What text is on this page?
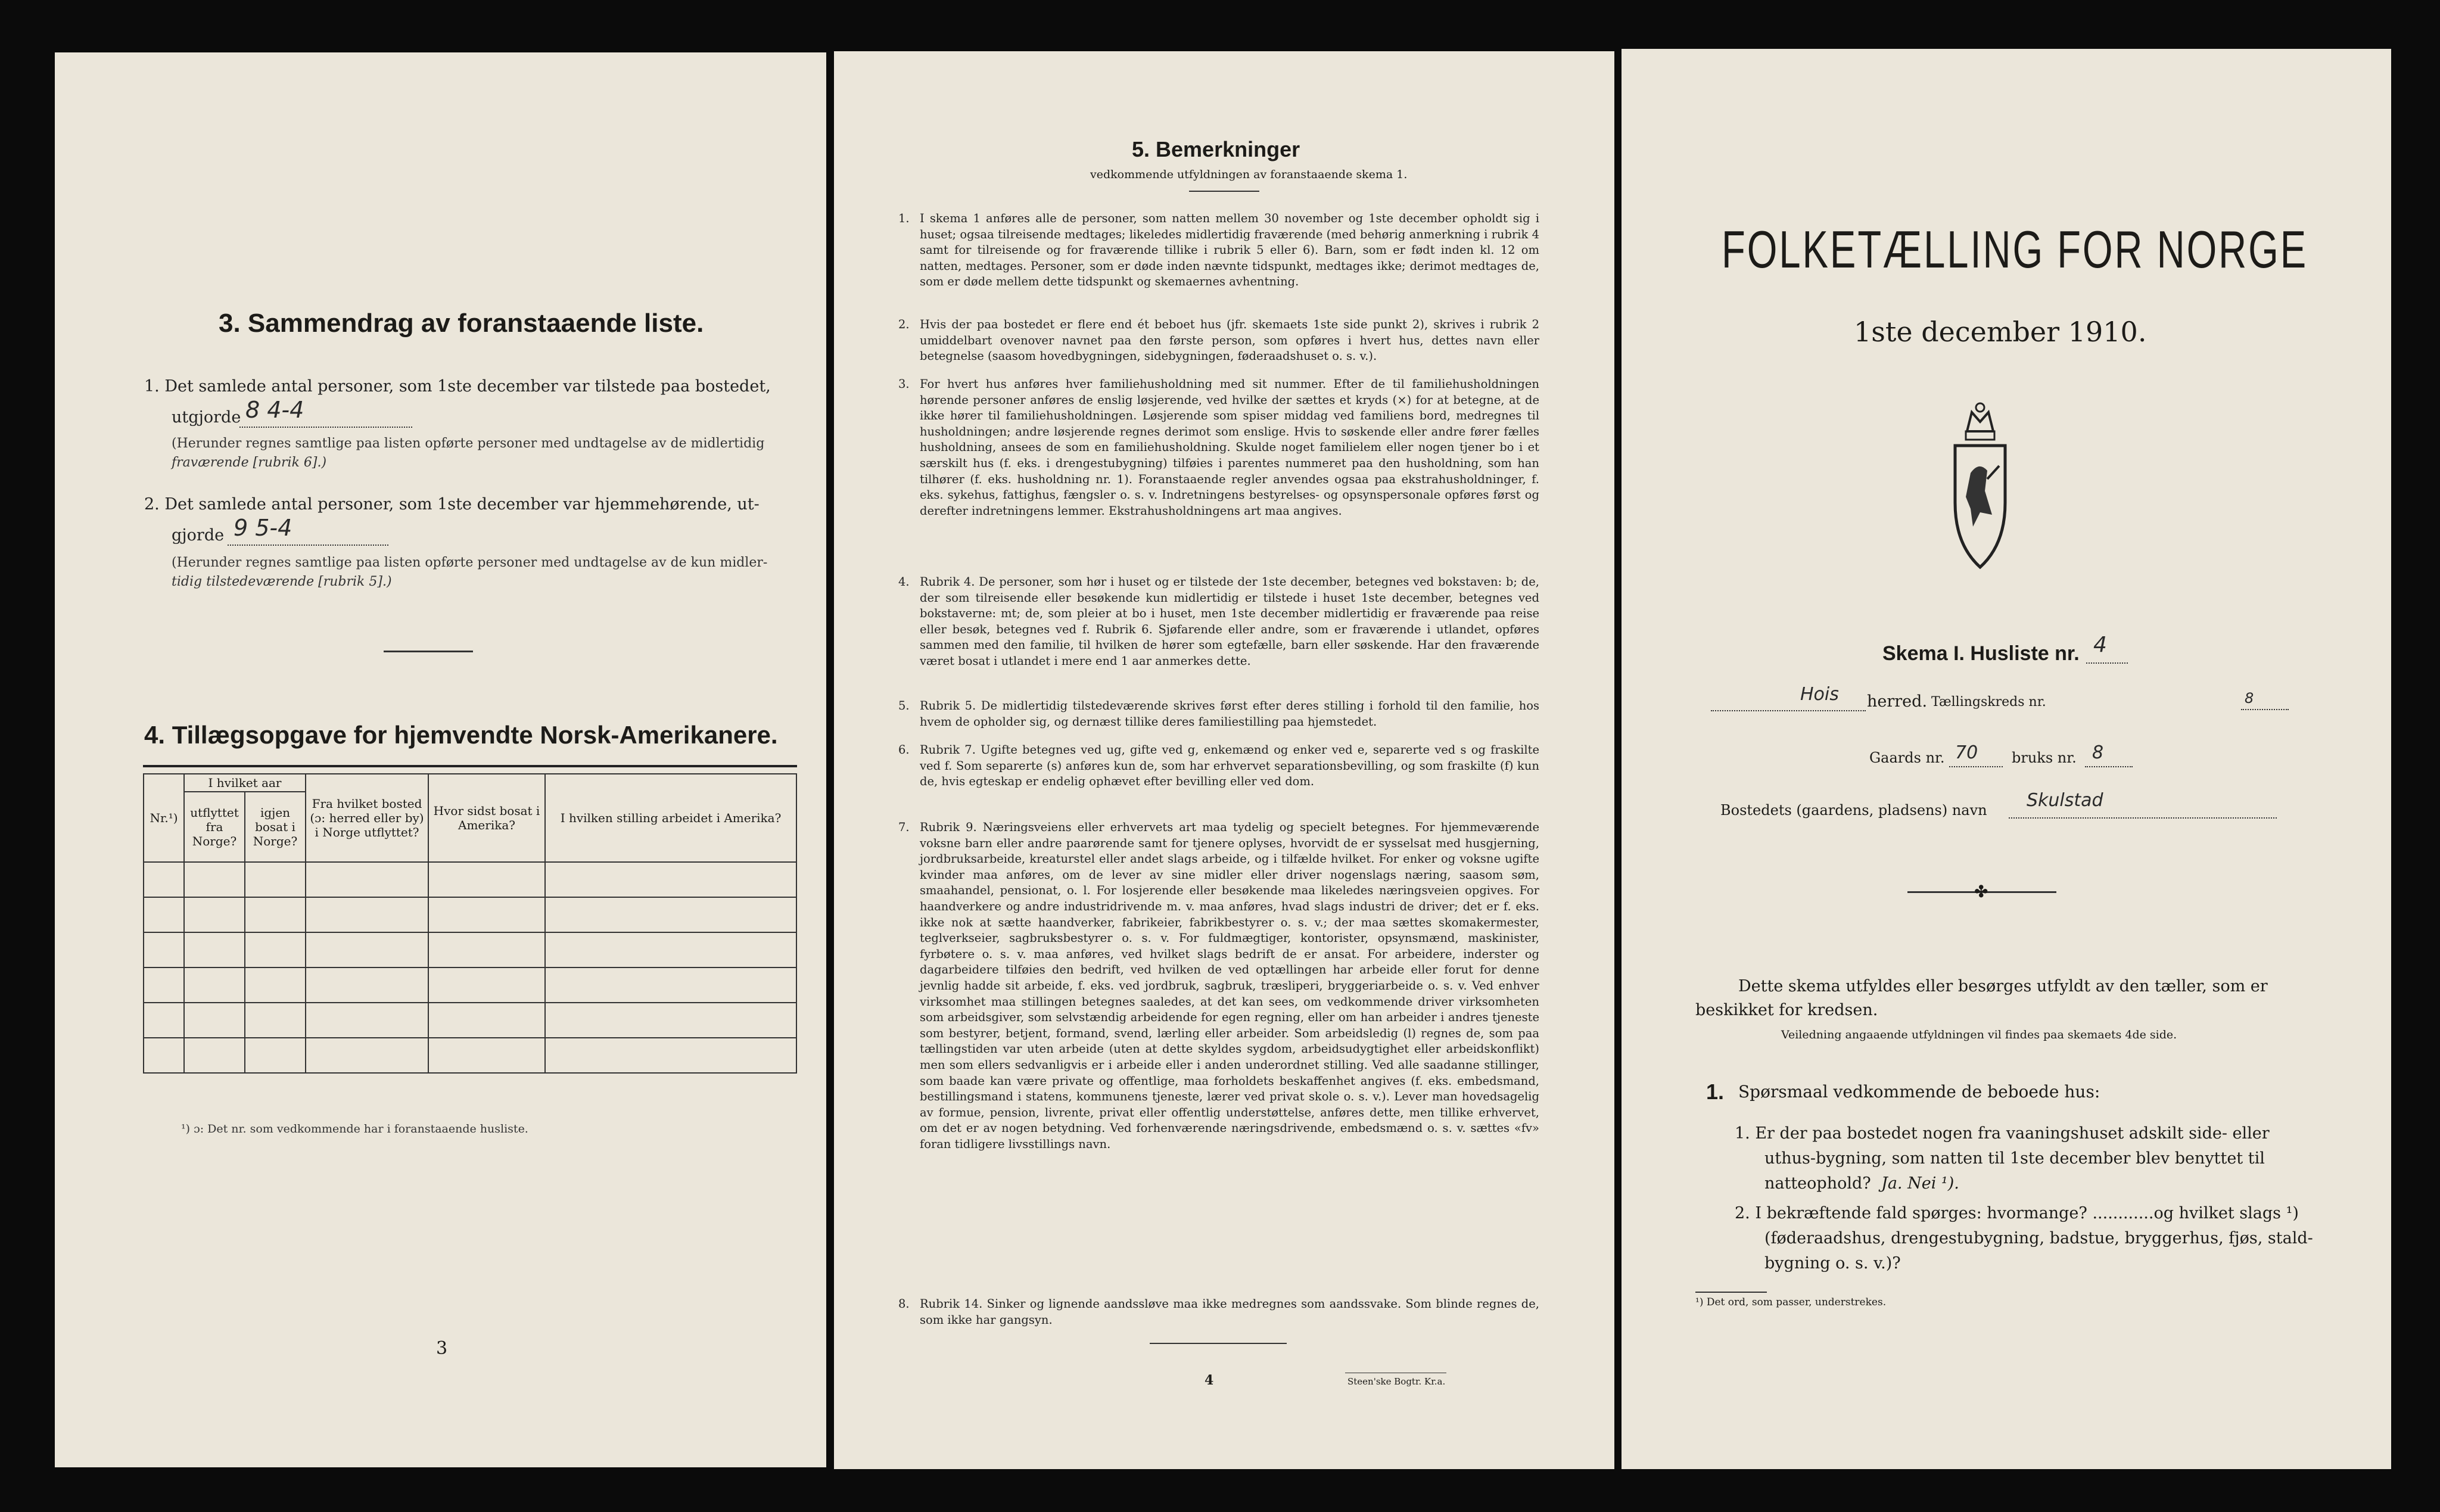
3. Sammendrag av foranstaaende liste.
1. Det samlede antal personer, som 1ste december var tilstede paa bostedet,
utgjorde 8 4-4
(Herunder regnes samtlige paa listen opførte personer med undtagelse av de midlertidig
fraværende [rubrik 6].)
2. Det samlede antal personer, som 1ste december var hjemmehørende, ut-
gjorde 9 5-4
(Herunder regnes samtlige paa listen opførte personer med undtagelse av de kun midler-
tidig tilstedeværende [rubrik 5].)
4. Tillægsopgave for hjemvendte Norsk-Amerikanere.
Nr.¹)	I hvilket aar		Fra hvilket bosted (ɔ: herred eller by) i Norge utflyttet?	Hvor sidst bosat i Amerika?	I hvilken stilling arbeidet i Amerika?
	utflyttet fra Norge?	igjen bosat i Norge?			

¹) ɔ: Det nr. som vedkommende har i foranstaaende husliste.
3
5. Bemerkninger
vedkommende utfyldningen av foranstaaende skema 1.
1. I skema 1 anføres alle de personer, som natten mellem 30 november og 1ste december opholdt sig i huset; ogsaa tilreisende medtages; likeledes midlertidig fraværende (med behørig anmerkning i rubrik 4 samt for tilreisende og for fraværende tillike i rubrik 5 eller 6). Barn, som er født inden kl. 12 om natten, medtages. Personer, som er døde inden nævnte tidspunkt, medtages ikke; derimot medtages de, som er døde mellem dette tidspunkt og skemaernes avhentning.
2. Hvis der paa bostedet er flere end ét beboet hus (jfr. skemaets 1ste side punkt 2), skrives i rubrik 2 umiddelbart ovenover navnet paa den første person, som opføres i hvert hus, dettes navn eller betegnelse (saasom hovedbygningen, sidebygningen, føderaadshuset o. s. v.).
3. For hvert hus anføres hver familiehusholdning med sit nummer. Efter de til familiehusholdningen hørende personer anføres de enslig løsjerende, ved hvilke der sættes et kryds (×) for at betegne, at de ikke hører til familiehusholdningen. Løsjerende som spiser middag ved familiens bord, medregnes til husholdningen; andre løsjerende regnes derimot som enslige. Hvis to søskende eller andre fører fælles husholdning, ansees de som en familiehusholdning. Skulde noget familielem eller nogen tjener bo i et særskilt hus (f. eks. i drengestubygning) tilføies i parentes nummeret paa den husholdning, som han tilhører (f. eks. husholdning nr. 1). Foranstaaende regler anvendes ogsaa paa ekstrahusholdninger, f. eks. sykehus, fattighus, fængsler o. s. v. Indretningens bestyrelses- og opsynspersonale opføres først og derefter indretningens lemmer. Ekstrahusholdningens art maa angives.
4. Rubrik 4. De personer, som hør i huset og er tilstede der 1ste december, betegnes ved bokstaven: b; de, der som tilreisende eller besøkende kun midlertidig er tilstede i huset 1ste december, betegnes ved bokstaverne: mt; de, som pleier at bo i huset, men 1ste december midlertidig er fraværende paa reise eller besøk, betegnes ved f. Rubrik 6. Sjøfarende eller andre, som er fraværende i utlandet, opføres sammen med den familie, til hvilken de hører som egtefælle, barn eller søskende. Har den fraværende været bosat i utlandet i mere end 1 aar anmerkes dette.
5. Rubrik 5. De midlertidig tilstedeværende skrives først efter deres stilling i forhold til den familie, hos hvem de opholder sig, og dernæst tillike deres familiestilling paa hjemstedet.
6. Rubrik 7. Ugifte betegnes ved ug, gifte ved g, enkemænd og enker ved e, separerte ved s og fraskilte ved f. Som separerte (s) anføres kun de, som har erhvervet separationsbevilling, og som fraskilte (f) kun de, hvis egteskap er endelig ophævet efter bevilling eller ved dom.
7. Rubrik 9. Næringsveiens eller erhvervets art maa tydelig og specielt betegnes. For hjemmeværende voksne barn eller andre paarørende samt for tjenere oplyses, hvorvidt de er sysselsat med husgjerning, jordbruksarbeide, kreaturstel eller andet slags arbeide, og i tilfælde hvilket. For enker og voksne ugifte kvinder maa anføres, om de lever av sine midler eller driver nogenslags næring, saasom søm, smaahandel, pensionat, o. l. For losjerende eller besøkende maa likeledes næringsveien opgives. For haandverkere og andre industridrivende m. v. maa anføres, hvad slags industri de driver; det er f. eks. ikke nok at sætte haandverker, fabrikeier, fabrikbestyrer o. s. v.; der maa sættes skomakermester, teglverkseier, sagbruksbestyrer o. s. v. For fuldmægtiger, kontorister, opsynsmænd, maskinister, fyrbøtere o. s. v. maa anføres, ved hvilket slags bedrift de er ansat. For arbeidere, inderster og dagarbeidere tilføies den bedrift, ved hvilken de ved optællingen har arbeide eller forut for denne jevnlig hadde sit arbeide, f. eks. ved jordbruk, sagbruk, træsliperi, bryggeriarbeide o. s. v. Ved enhver virksomhet maa stillingen betegnes saaledes, at det kan sees, om vedkommende driver virksomheten som arbeidsgiver, som selvstændig arbeidende for egen regning, eller om han arbeider i andres tjeneste som bestyrer, betjent, formand, svend, lærling eller arbeider. Som arbeidsledig (l) regnes de, som paa tællingstiden var uten arbeide (uten at dette skyldes sygdom, arbeidsudygtighet eller arbeidskonflikt) men som ellers sedvanligvis er i arbeide eller i anden underordnet stilling. Ved alle saadanne stillinger, som baade kan være private og offentlige, maa forholdets beskaffenhet angives (f. eks. embedsmand, bestillingsmand i statens, kommunens tjeneste, lærer ved privat skole o. s. v.). Lever man hovedsagelig av formue, pension, livrente, privat eller offentlig understøttelse, anføres dette, men tillike erhvervet, om det er av nogen betydning. Ved forhenværende næringsdrivende, embedsmænd o. s. v. sættes «fv» foran tidligere livsstillings navn.
8. Rubrik 14. Sinker og lignende aandssløve maa ikke medregnes som aandssvake. Som blinde regnes de, som ikke har gangsyn.
4	Steen'ske Bogtr. Kr.a.
FOLKETÆLLING FOR NORGE
1ste december 1910.
Skema I. Husliste nr. 4
Hois herred. Tællingskreds nr.	8
Gaards nr. 70 bruks nr. 8
Bostedets (gaardens, pladsens) navn Skulstad
✤
Dette skema utfyldes eller besørges utfyldt av den tæller, som er
beskikket for kredsen.
Veiledning angaaende utfyldningen vil findes paa skemaets 4de side.
1. Spørsmaal vedkommende de beboede hus:
1. Er der paa bostedet nogen fra vaaningshuset adskilt side- eller
uthus-bygning, som natten til 1ste december blev benyttet til
natteophold? Ja. Nei ¹).
2. I bekræftende fald spørges: hvormange? ............og hvilket slags ¹)
(føderaadshus, drengestubygning, badstue, bryggerhus, fjøs, stald-
bygning o. s. v.)?
¹) Det ord, som passer, understrekes.
